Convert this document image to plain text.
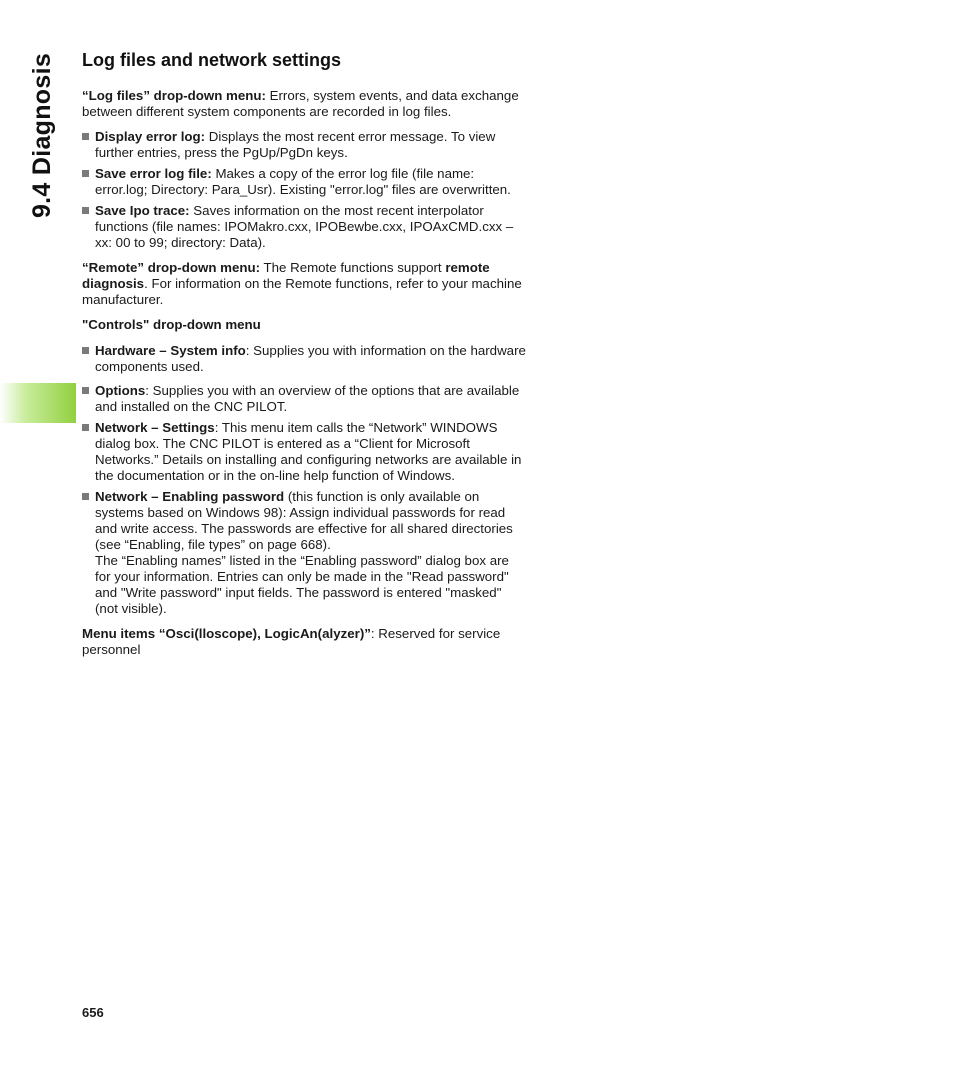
9.4 Diagnosis Log files and network settings

“Log files” drop-down menu: Errors, system events, and data exchange between different system components are recorded in log files.

Display error log: Displays the most recent error message. To view further entries, press the PgUp/PgDn keys.
Save error log file: Makes a copy of the error log file (file name: error.log; Directory: Para_Usr). Existing "error.log" files are overwritten.
Save Ipo trace: Saves information on the most recent interpolator functions (file names: IPOMakro.cxx, IPOBewbe.cxx, IPOAxCMD.cxx – xx: 00 to 99; directory: Data).

“Remote” drop-down menu: The Remote functions support remote diagnosis. For information on the Remote functions, refer to your machine manufacturer.

"Controls" drop-down menu

Hardware – System info: Supplies you with information on the hardware components used.
Options: Supplies you with an overview of the options that are available and installed on the CNC PILOT.
Network – Settings: This menu item calls the “Network” WINDOWS dialog box. The CNC PILOT is entered as a “Client for Microsoft Networks.” Details on installing and configuring networks are available in the documentation or in the on-line help function of Windows.
Network – Enabling password (this function is only available on systems based on Windows 98): Assign individual passwords for read and write access. The passwords are effective for all shared directories (see “Enabling, file types” on page 668).
The “Enabling names” listed in the “Enabling password” dialog box are for your information. Entries can only be made in the "Read password" and "Write password" input fields. The password is entered "masked" (not visible).

Menu items “Osci(lloscope), LogicAn(alyzer)”: Reserved for service personnel

656
